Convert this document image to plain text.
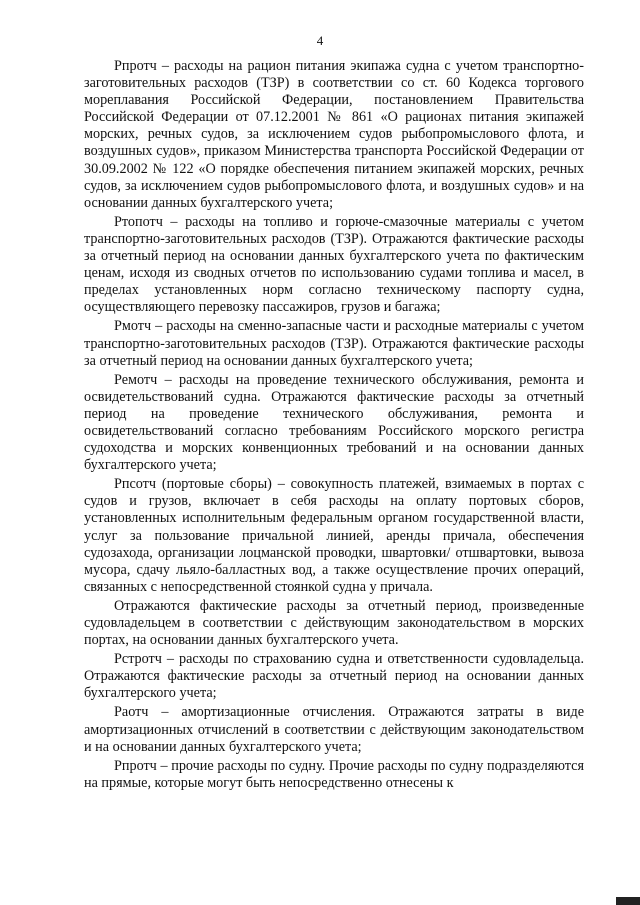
4

Рпротч – расходы на рацион питания экипажа судна с учетом транспортно-заготовительных расходов (ТЗР) в соответствии со ст. 60 Кодекса торгового мореплавания Российской Федерации, постановлением Правительства Российской Федерации от 07.12.2001 № 861 «О рационах питания экипажей морских, речных судов, за исключением судов рыбопромыслового флота, и воздушных судов», приказом Министерства транспорта Российской Федерации от 30.09.2002 № 122 «О порядке обеспечения питанием экипажей морских, речных судов, за исключением судов рыбопромыслового флота, и воздушных судов» и на основании данных бухгалтерского учета;

Ртопотч – расходы на топливо и горюче-смазочные материалы с учетом транспортно-заготовительных расходов (ТЗР). Отражаются фактические расходы за отчетный период на основании данных бухгалтерского учета по фактическим ценам, исходя из сводных отчетов по использованию судами топлива и масел, в пределах установленных норм согласно техническому паспорту судна, осуществляющего перевозку пассажиров, грузов и багажа;

Рмотч – расходы на сменно-запасные части и расходные материалы с учетом транспортно-заготовительных расходов (ТЗР). Отражаются фактические расходы за отчетный период на основании данных бухгалтерского учета;

Ремотч – расходы на проведение технического обслуживания, ремонта и освидетельствований судна. Отражаются фактические расходы за отчетный период на проведение технического обслуживания, ремонта и освидетельствований согласно требованиям Российского морского регистра судоходства и морских конвенционных требований и на основании данных бухгалтерского учета;

Рпсотч (портовые сборы) – совокупность платежей, взимаемых в портах с судов и грузов, включает в себя расходы на оплату портовых сборов, установленных исполнительным федеральным органом государственной власти, услуг за пользование причальной линией, аренды причала, обеспечения судозахода, организации лоцманской проводки, швартовки/ отшвартовки, вывоза мусора, сдачу льяло-балластных вод, а также осуществление прочих операций, связанных с непосредственной стоянкой судна у причала.

Отражаются фактические расходы за отчетный период, произведенные судовладельцем в соответствии с действующим законодательством в морских портах, на основании данных бухгалтерского учета.

Рстротч – расходы по страхованию судна и ответственности судовладельца. Отражаются фактические расходы за отчетный период на основании данных бухгалтерского учета;

Раотч – амортизационные отчисления. Отражаются затраты в виде амортизационных отчислений в соответствии с действующим законодательством и на основании данных бухгалтерского учета;

Рпротч – прочие расходы по судну. Прочие расходы по судну подразделяются на прямые, которые могут быть непосредственно отнесены к
